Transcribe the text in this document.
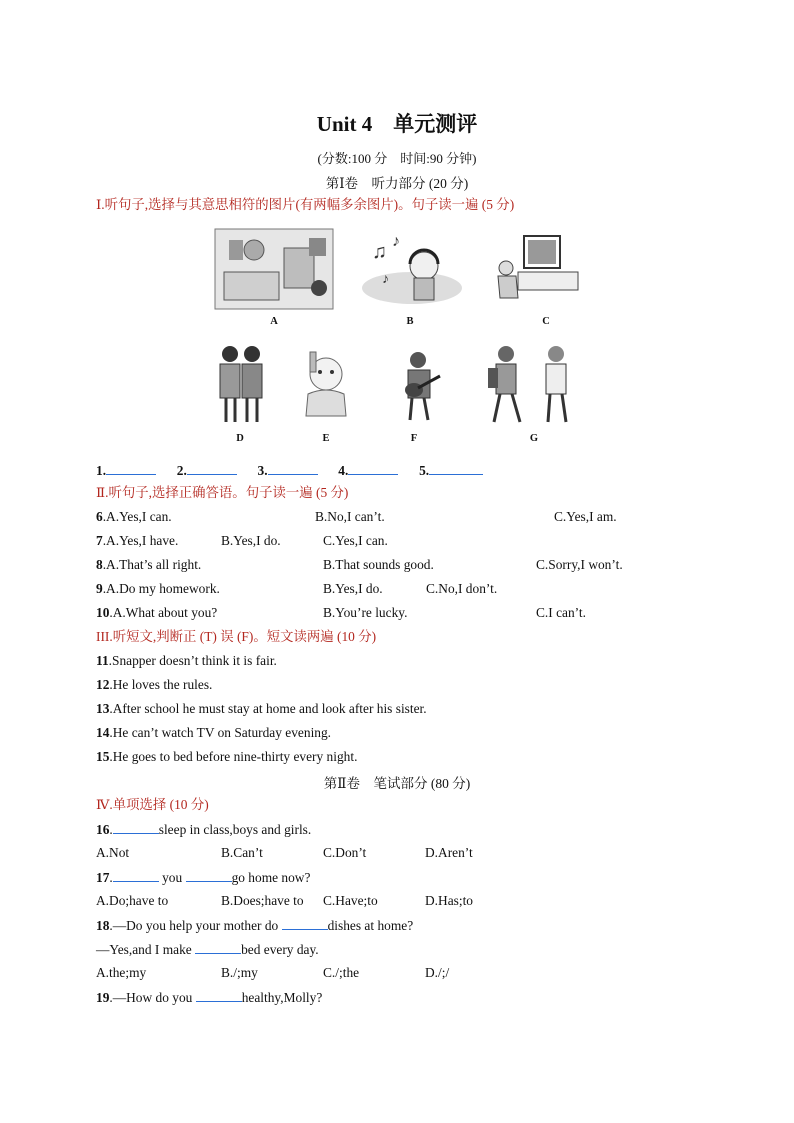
Unit 4　单元测评
(分数:100 分　时间:90 分钟)
第Ⅰ卷　听力部分 (20 分)
Ⅰ.听句子,选择与其意思相符的图片(有两幅多余图片)。句子读一遍 (5 分)
A
♫ ♪
♪
B	C
D	E	F	G
1.	2.	3.	4.	5.
Ⅱ.听句子,选择正确答语。句子读一遍 (5 分)
6.A.Yes,I can.	B.No,I can’t.	C.Yes,I am.
7.A.Yes,I have.	B.Yes,I do.	C.Yes,I can.
8.A.That’s all right.	B.That sounds good.	C.Sorry,I won’t.
9.A.Do my homework.	B.Yes,I do.	C.No,I don’t.
10.A.What about you?	B.You’re lucky.	C.I can’t.
III.听短文,判断正 (T) 误 (F)。短文读两遍 (10 分)
11.Snapper doesn’t think it is fair.
12.He loves the rules.
13.After school he must stay at home and look after his sister.
14.He can’t watch TV on Saturday evening.
15.He goes to bed before nine-thirty every night.
第Ⅱ卷　笔试部分 (80 分)
Ⅳ.单项选择 (10 分)
16.	sleep in class,boys and girls.
A.Not	B.Can’t	C.Don’t	D.Aren’t
17.	you	go home now?
A.Do;have to	B.Does;have to C.Have;to	D.Has;to
18.—Do you help your mother do	dishes at home?
—Yes,and I make	bed every day.
A.the;my	B./;my	C./;the	D./;/
19.—How do you	healthy,Molly?
